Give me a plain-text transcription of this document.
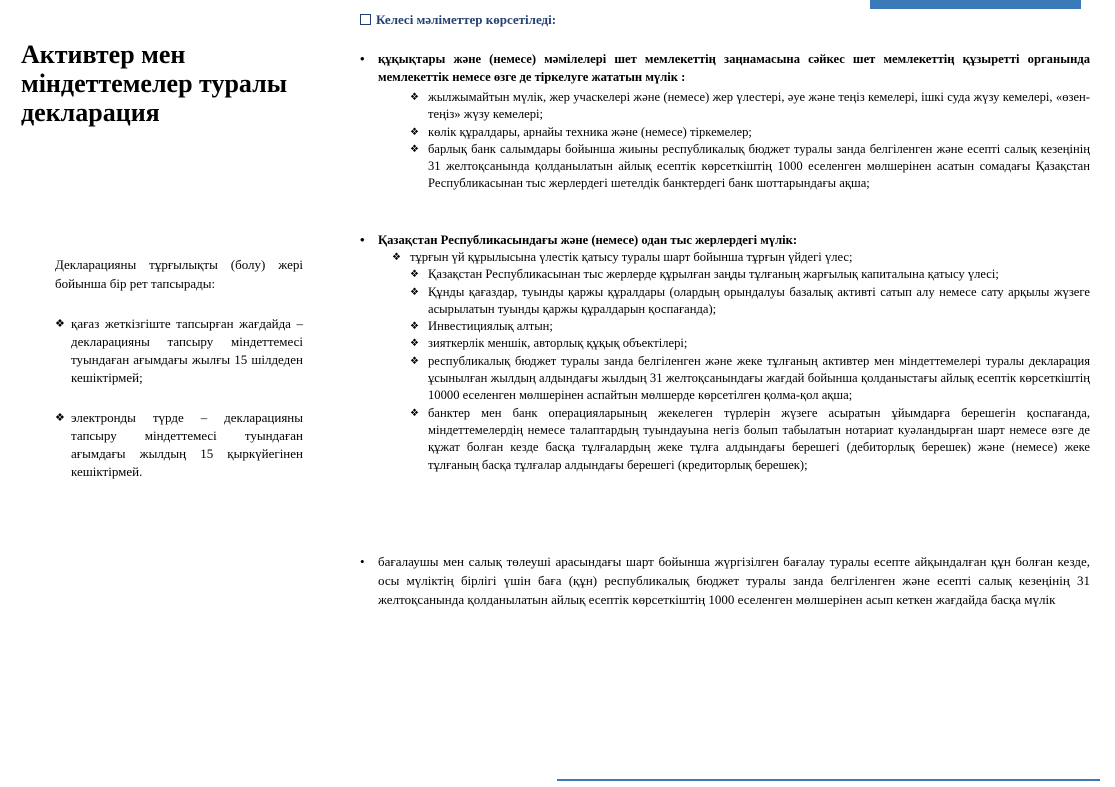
Активтер мен міндеттемелер туралы декларация
Декларацияны тұрғылықты (болу) жері бойынша бір рет тапсырады:
❖ қағаз жеткізгіште тапсырған жағдайда – декларацияны тапсыру міндеттемесі туындаған ағымдағы жылғы 15 шілдеден кешіктірмей;
❖ электронды түрде – декларацияны тапсыру міндеттемесі туындаған ағымдағы жылдың 15 қыркүйегінен кешіктірмей.
Келесі мәліметтер көрсетіледі:
•	құқықтары және (немесе) мәмілелері шет мемлекеттің заңнамасына сәйкес шет мемлекеттің құзыретті органында мемлекеттік немесе өзге де тіркелуге жататын мүлік :
❖ жылжымайтын мүлік, жер учаскелері және (немесе) жер үлестері, әуе және теңіз кемелері, ішкі суда жүзу кемелері, «өзен-теңіз» жүзу кемелері;
❖ көлік құралдары, арнайы техника және (немесе) тіркемелер;
❖ барлық банк салымдары бойынша жиыны республикалық бюджет туралы занда белгіленген және есепті салық кезеңінің 31 желтоқсанында қолданылатын айлық есептік көрсеткіштің 1000 еселенген мөлшерінен асатын сомадағы Қазақстан Республикасынан тыс жерлердегі шетелдік банктердегі банк шоттарындағы ақша;
•	Қазақстан Республикасындағы және (немесе) одан тыс жерлердегі мүлік:
❖ тұрғын үй құрылысына үлестік қатысу туралы шарт бойынша тұрғын үйдегі үлес;
❖ Қазақстан Республикасынан тыс жерлерде құрылған заңды тұлғаның жарғылық капиталына қатысу үлесі;
❖ Құнды қағаздар, туынды қаржы құралдары (олардың орындалуы базалық активті сатып алу немесе сату арқылы жүзеге асырылатын туынды қаржы құралдарын қоспағанда);
❖ Инвестициялық алтын;
❖ зияткерлік меншік, авторлық құқық объектілері;
❖ республикалық бюджет туралы занда белгіленген және жеке тұлғаның активтер мен міндеттемелері туралы декларация ұсынылған жылдың алдындағы жылдың 31 желтоқсанындағы жағдай бойынша қолданыстағы айлық есептік көрсеткіштің 10000 еселенген мөлшерінен аспайтын мөлшерде көрсетілген қолма-қол ақша;
❖ банктер мен банк операцияларының жекелеген түрлерін жүзеге асыратын ұйымдарға берешегін қоспағанда, міндеттемелердің немесе талаптардың туындауына негіз болып табылатын нотариат куәландырған шарт немесе өзге де құжат болған кезде басқа тұлғалардың жеке тұлға алдындағы берешегі (дебиторлық берешек) және (немесе) жеке тұлғаның басқа тұлғалар алдындағы берешегі (кредиторлық берешек);
•	бағалаушы мен салық төлеуші арасындағы шарт бойынша жүргізілген бағалау туралы есепте айқындалған құн болған кезде, осы мүліктің бірлігі үшін баға (құн) республикалық бюджет туралы занда белгіленген және есепті салық кезеңінің 31 желтоқсанында қолданылатын айлық есептік көрсеткіштің 1000 еселенген мөлшерінен асып кеткен жағдайда басқа мүлік
